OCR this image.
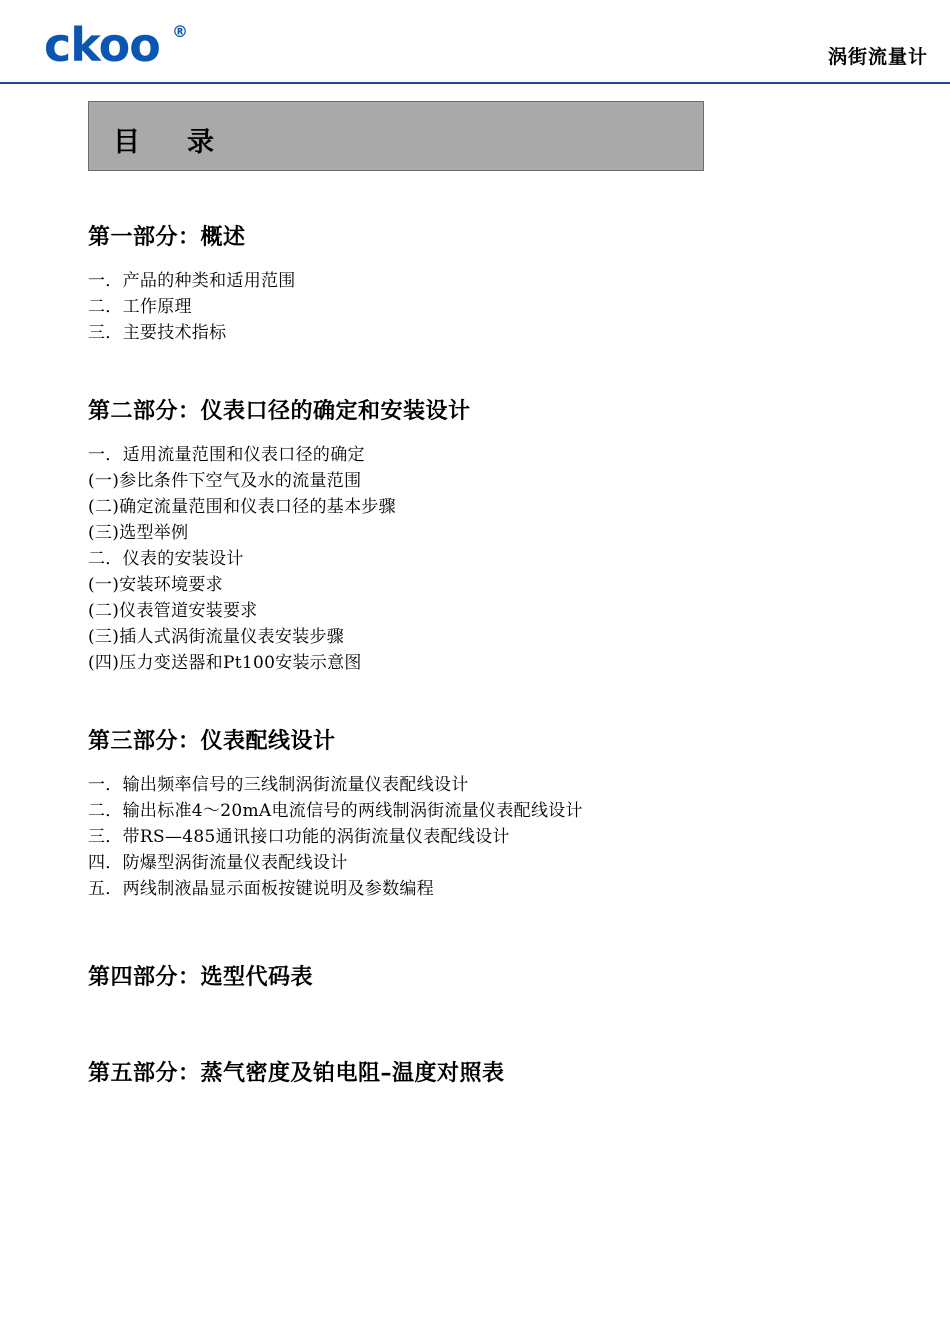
ckoo ®
涡街流量计
目　录
第一部分：概述
一．产品的种类和适用范围
二．工作原理
三．主要技术指标
第二部分：仪表口径的确定和安装设计
一．适用流量范围和仪表口径的确定
(一)参比条件下空气及水的流量范围
(二)确定流量范围和仪表口径的基本步骤
(三)选型举例
二．仪表的安装设计
(一)安装环境要求
(二)仪表管道安装要求
(三)插人式涡街流量仪表安装步骤
(四)压力变送器和Pt100安装示意图
第三部分：仪表配线设计
一．输出频率信号的三线制涡街流量仪表配线设计
二．输出标准4～20mA电流信号的两线制涡街流量仪表配线设计
三．带RS—485通讯接口功能的涡街流量仪表配线设计
四．防爆型涡街流量仪表配线设计
五．两线制液晶显示面板按键说明及参数编程
第四部分：选型代码表
第五部分：蒸气密度及铂电阻–温度对照表
